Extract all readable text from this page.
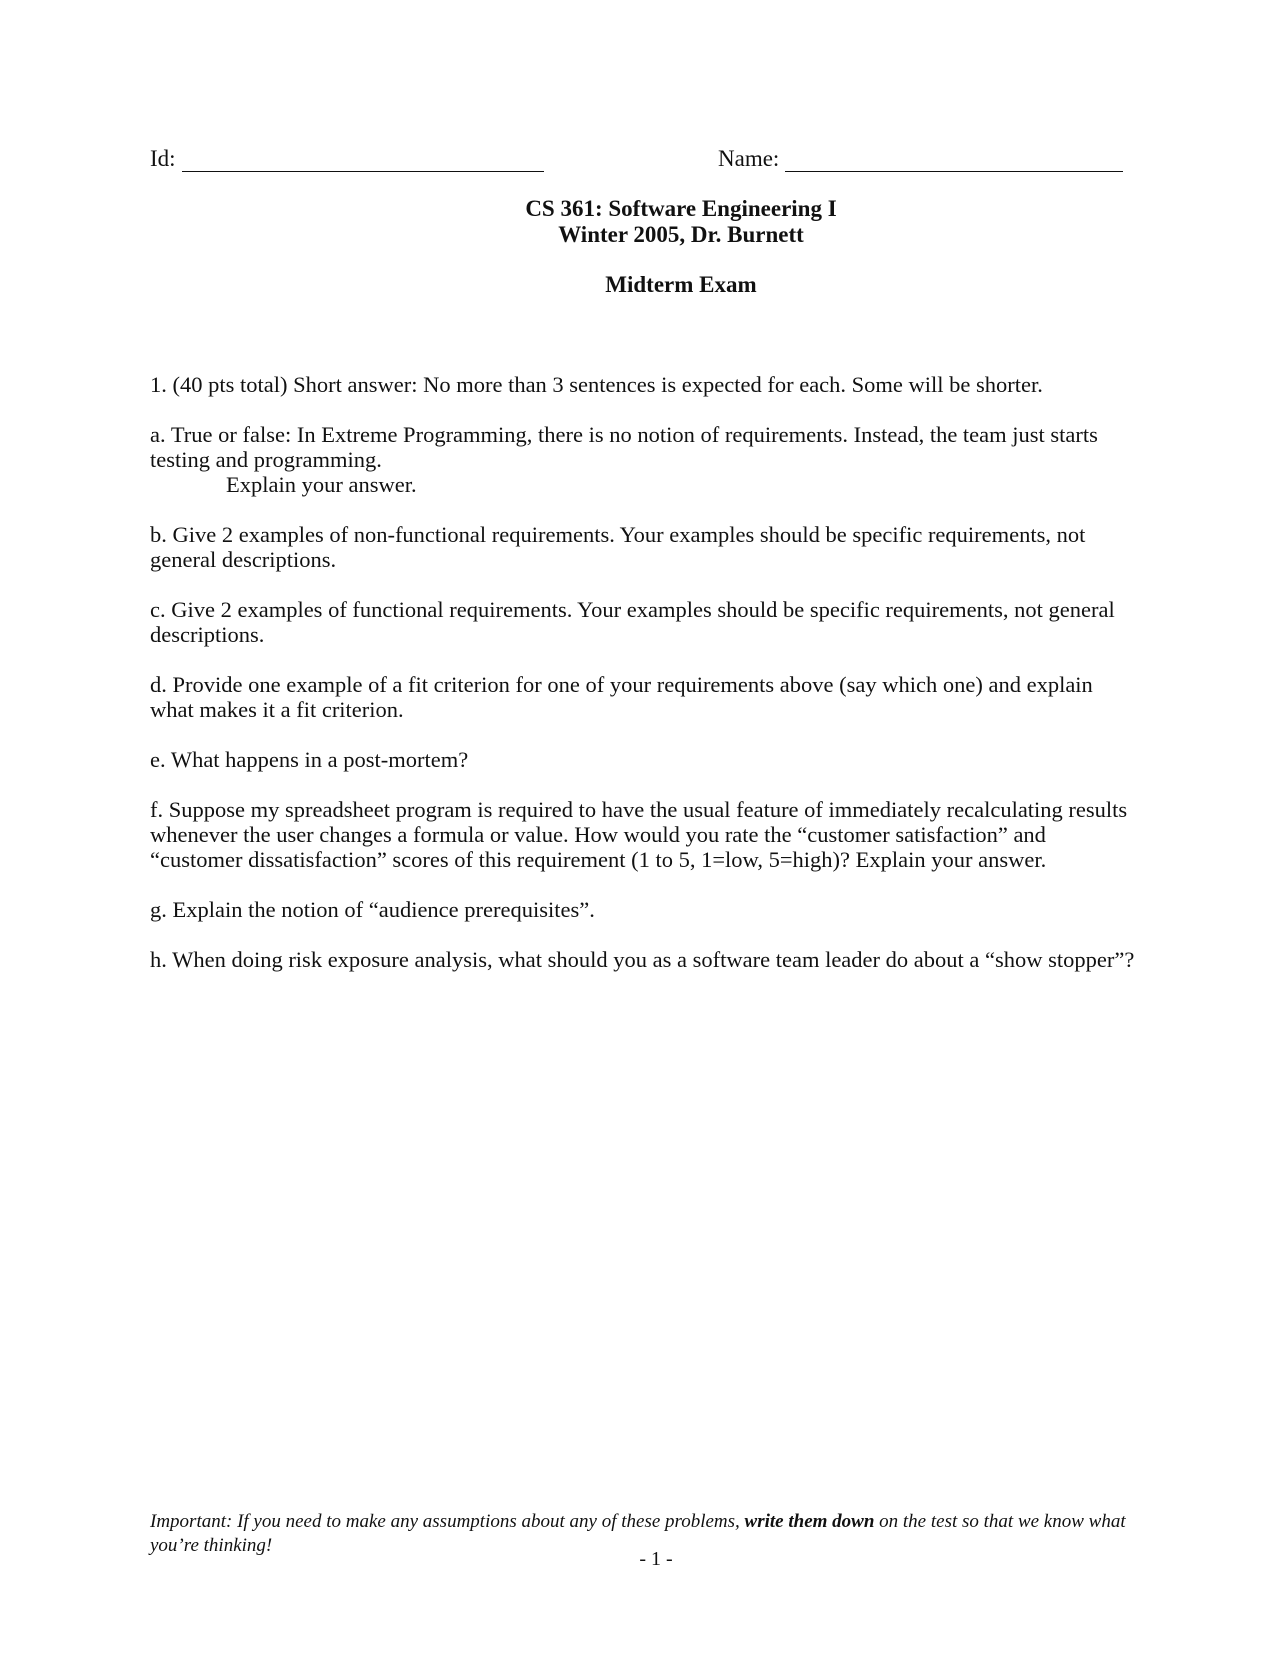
Id:	Name:
CS 361: Software Engineering I
Winter 2005, Dr. Burnett
Midterm Exam

1. (40 pts total) Short answer: No more than 3 sentences is expected for each. Some will be shorter.

a. True or false: In Extreme Programming, there is no notion of requirements. Instead, the team just starts testing and programming.
Explain your answer.

b. Give 2 examples of non-functional requirements. Your examples should be specific requirements, not general descriptions.

c. Give 2 examples of functional requirements. Your examples should be specific requirements, not general descriptions.

d. Provide one example of a fit criterion for one of your requirements above (say which one) and explain what makes it a fit criterion.

e. What happens in a post-mortem?

f. Suppose my spreadsheet program is required to have the usual feature of immediately recalculating results whenever the user changes a formula or value. How would you rate the “customer satisfaction” and “customer dissatisfaction” scores of this requirement (1 to 5, 1=low, 5=high)? Explain your answer.

g. Explain the notion of “audience prerequisites”.

h. When doing risk exposure analysis, what should you as a software team leader do about a “show stopper”?

Important: If you need to make any assumptions about any of these problems, write them down on the test so that we know what you’re thinking!
- 1 -
